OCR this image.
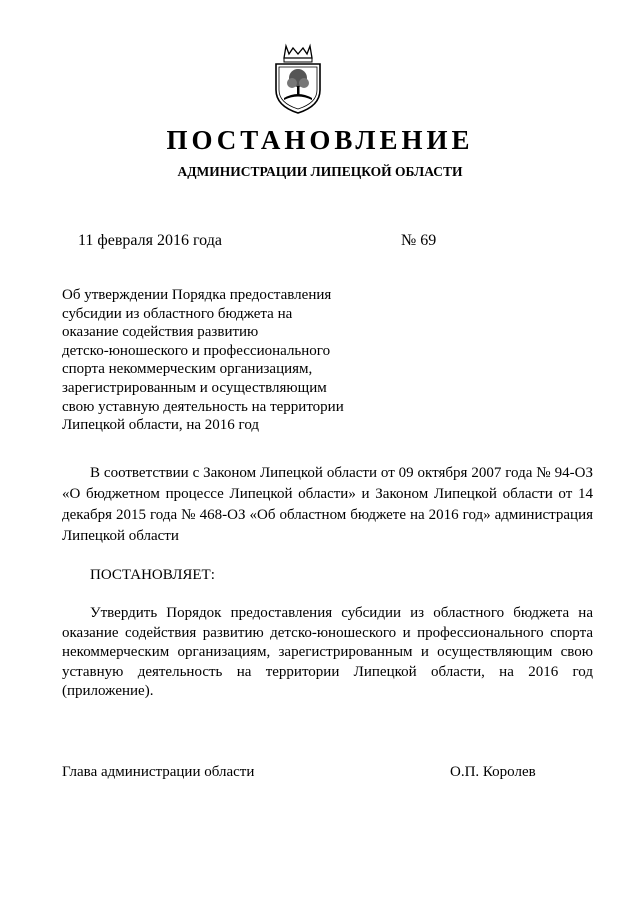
ПОСТАНОВЛЕНИЕ
АДМИНИСТРАЦИИ ЛИПЕЦКОЙ ОБЛАСТИ
11 февраля 2016 года	№ 69
Об утверждении Порядка предоставления
субсидии из областного бюджета на
оказание содействия развитию
детско-юношеского и профессионального
спорта некоммерческим организациям,
зарегистрированным и осуществляющим
свою уставную деятельность на территории
Липецкой области, на 2016 год
В соответствии с Законом Липецкой области от 09 октября 2007 года № 94-ОЗ «О бюджетном процессе Липецкой области» и Законом Липецкой области от 14 декабря 2015 года № 468-ОЗ «Об областном бюджете на 2016 год» администрация Липецкой области
ПОСТАНОВЛЯЕТ:
Утвердить Порядок предоставления субсидии из областного бюджета на оказание содействия развитию детско-юношеского и профессионального спорта некоммерческим организациям, зарегистрированным и осуществляющим свою уставную деятельность на территории Липецкой области, на 2016 год (приложение).
Глава администрации области	О.П. Королев
